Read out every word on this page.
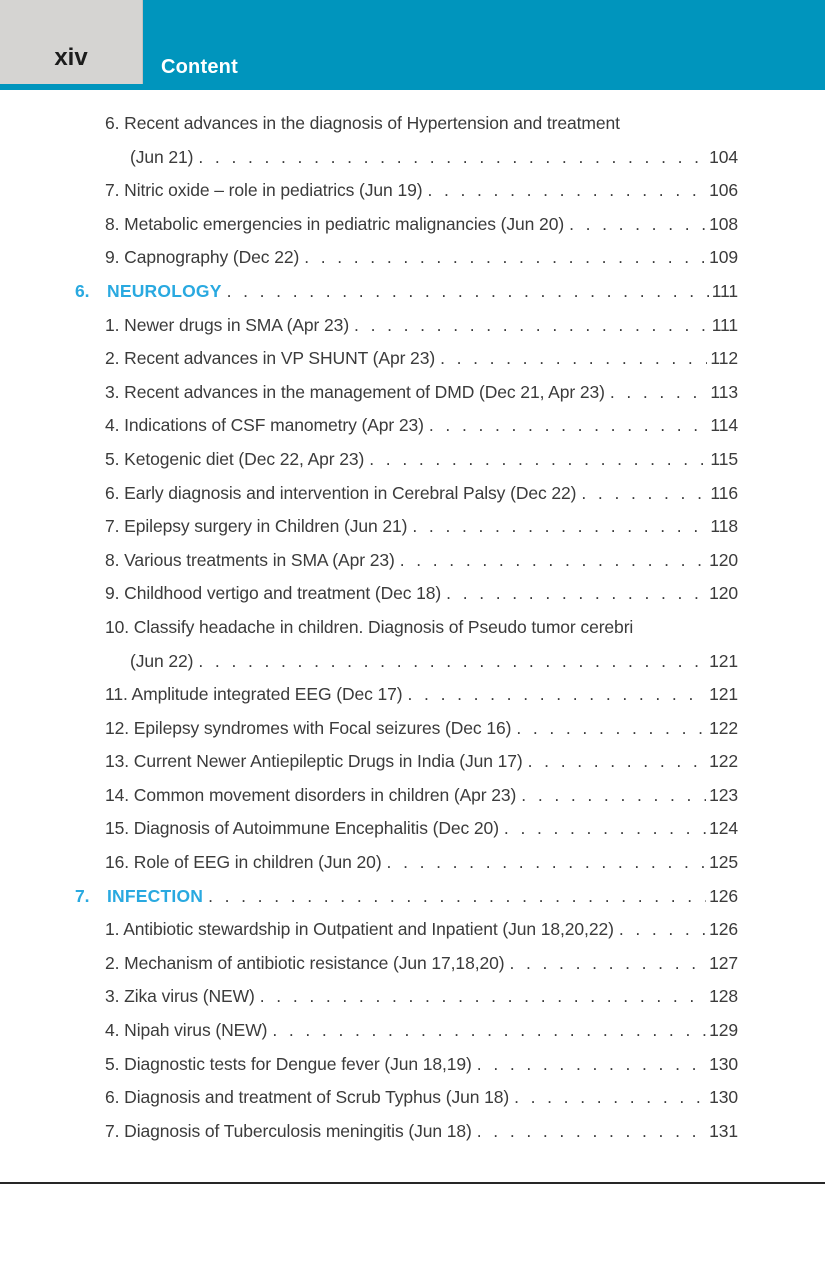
Content
xiv
6. Recent advances in the diagnosis of Hypertension and treatment
(Jun 21) . . .	104
7. Nitric oxide – role in pediatrics (Jun 19) . . .	106
8. Metabolic emergencies in pediatric malignancies (Jun 20) . . .	108
9. Capnography (Dec 22) . . .	109
6.	NEUROLOGY . . .	111
1. Newer drugs in SMA (Apr 23) . . .	111
2. Recent advances in VP SHUNT (Apr 23) . . .	112
3. Recent advances in the management of DMD (Dec 21, Apr 23) . . .	113
4. Indications of CSF manometry (Apr 23) . . .	114
5. Ketogenic diet (Dec 22, Apr 23) . . .	115
6. Early diagnosis and intervention in Cerebral Palsy (Dec 22) . . .	116
7. Epilepsy surgery in Children (Jun 21) . . .	118
8. Various treatments in SMA (Apr 23) . . .	120
9. Childhood vertigo and treatment (Dec 18) . . .	120
10. Classify headache in children. Diagnosis of Pseudo tumor cerebri
(Jun 22) . . .	121
11. Amplitude integrated EEG (Dec 17) . . .	121
12. Epilepsy syndromes with Focal seizures (Dec 16) . . .	122
13. Current Newer Antiepileptic Drugs in India (Jun 17) . . .	122
14. Common movement disorders in children (Apr 23) . . .	123
15. Diagnosis of Autoimmune Encephalitis (Dec 20) . . .	124
16. Role of EEG in children (Jun 20) . . .	125
7.	INFECTION . . .	126
1. Antibiotic stewardship in Outpatient and Inpatient (Jun 18,20,22) . . .	126
2. Mechanism of antibiotic resistance (Jun 17,18,20) . . .	127
3. Zika virus (NEW) . . .	128
4. Nipah virus (NEW) . . .	129
5. Diagnostic tests for Dengue fever (Jun 18,19) . . .	130
6. Diagnosis and treatment of Scrub Typhus (Jun 18) . . .	130
7. Diagnosis of Tuberculosis meningitis (Jun 18) . . .	131
